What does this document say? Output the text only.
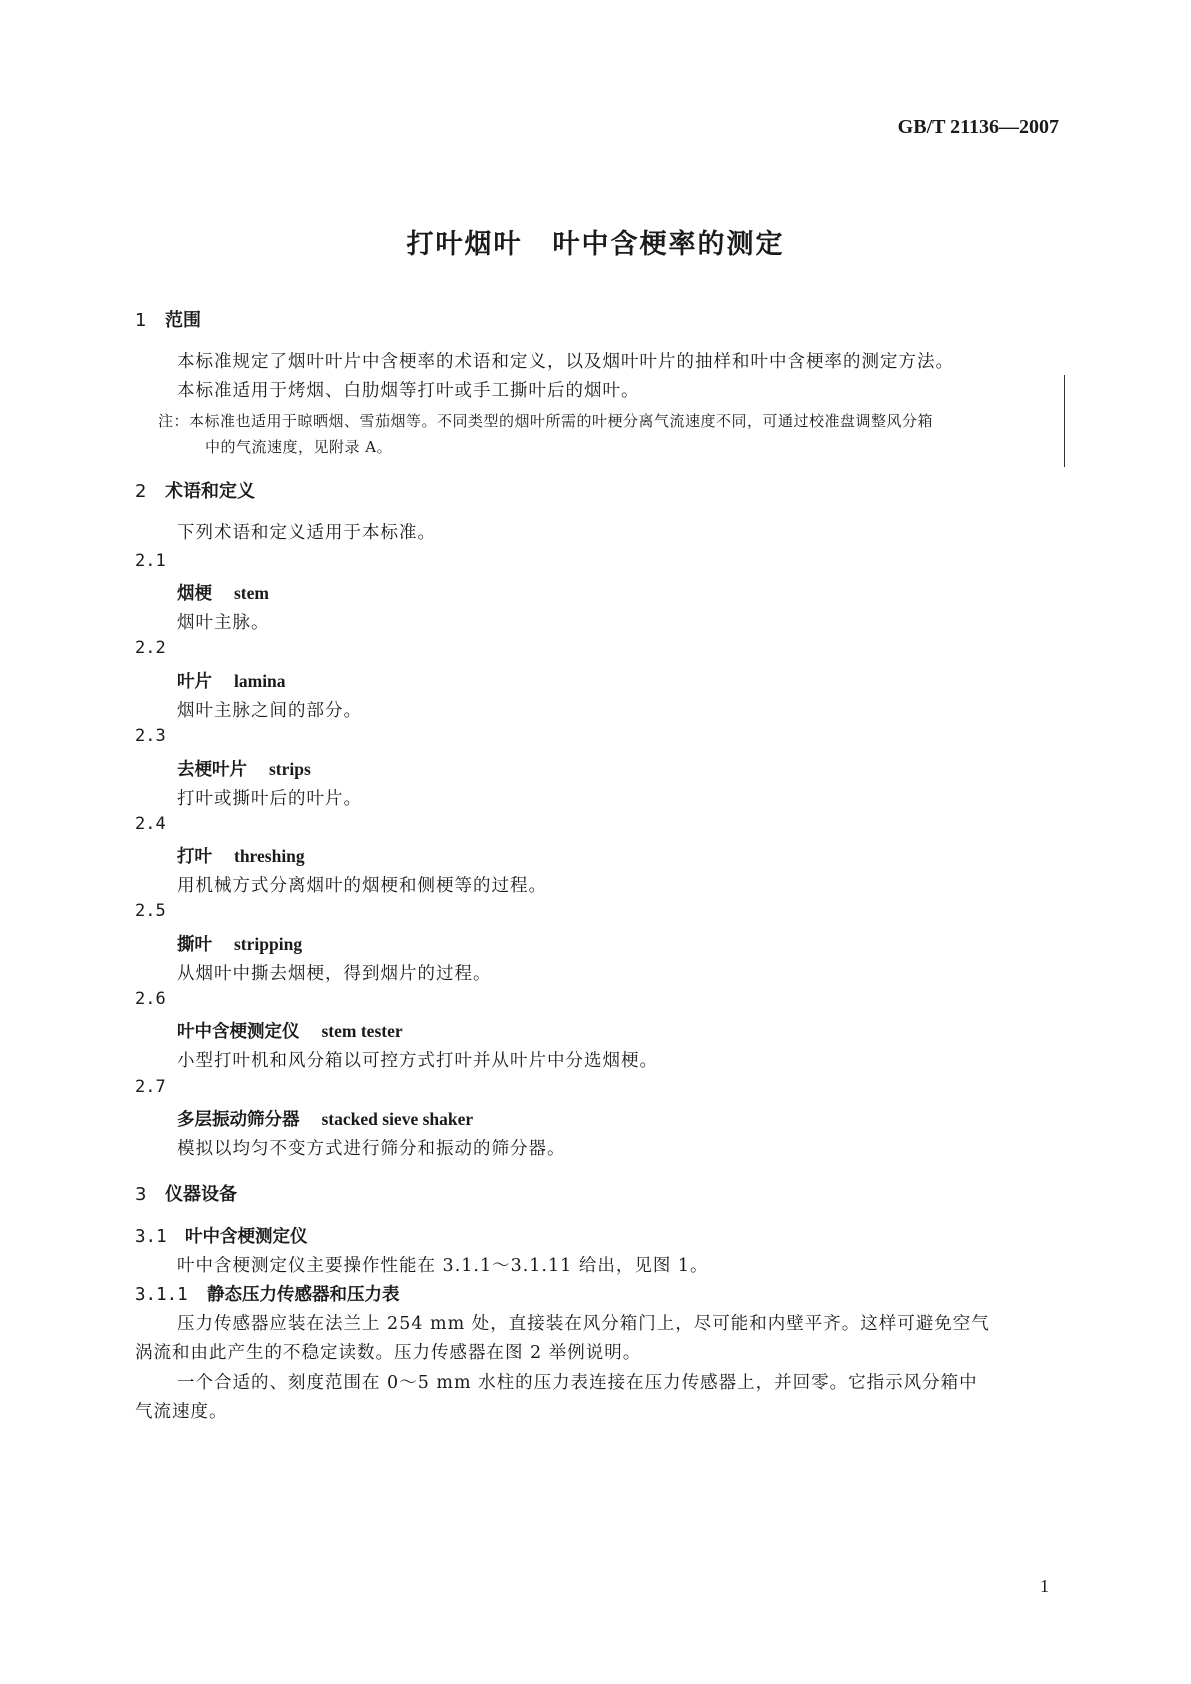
GB/T 21136—2007
打叶烟叶 叶中含梗率的测定
1 范围
本标准规定了烟叶叶片中含梗率的术语和定义，以及烟叶叶片的抽样和叶中含梗率的测定方法。
本标准适用于烤烟、白肋烟等打叶或手工撕叶后的烟叶。
注：本标准也适用于晾晒烟、雪茄烟等。不同类型的烟叶所需的叶梗分离气流速度不同，可通过校准盘调整风分箱
中的气流速度，见附录 A。
2 术语和定义
下列术语和定义适用于本标准。
2.1
烟梗 stem
烟叶主脉。
2.2
叶片 lamina
烟叶主脉之间的部分。
2.3
去梗叶片 strips
打叶或撕叶后的叶片。
2.4
打叶 threshing
用机械方式分离烟叶的烟梗和侧梗等的过程。
2.5
撕叶 stripping
从烟叶中撕去烟梗，得到烟片的过程。
2.6
叶中含梗测定仪 stem tester
小型打叶机和风分箱以可控方式打叶并从叶片中分选烟梗。
2.7
多层振动筛分器 stacked sieve shaker
模拟以均匀不变方式进行筛分和振动的筛分器。
3 仪器设备
3.1 叶中含梗测定仪
叶中含梗测定仪主要操作性能在 3.1.1～3.1.11 给出，见图 1。
3.1.1 静态压力传感器和压力表
压力传感器应装在法兰上 254 mm 处，直接装在风分箱门上，尽可能和内壁平齐。这样可避免空气
涡流和由此产生的不稳定读数。压力传感器在图 2 举例说明。
一个合适的、刻度范围在 0～5 mm 水柱的压力表连接在压力传感器上，并回零。它指示风分箱中
气流速度。
1
